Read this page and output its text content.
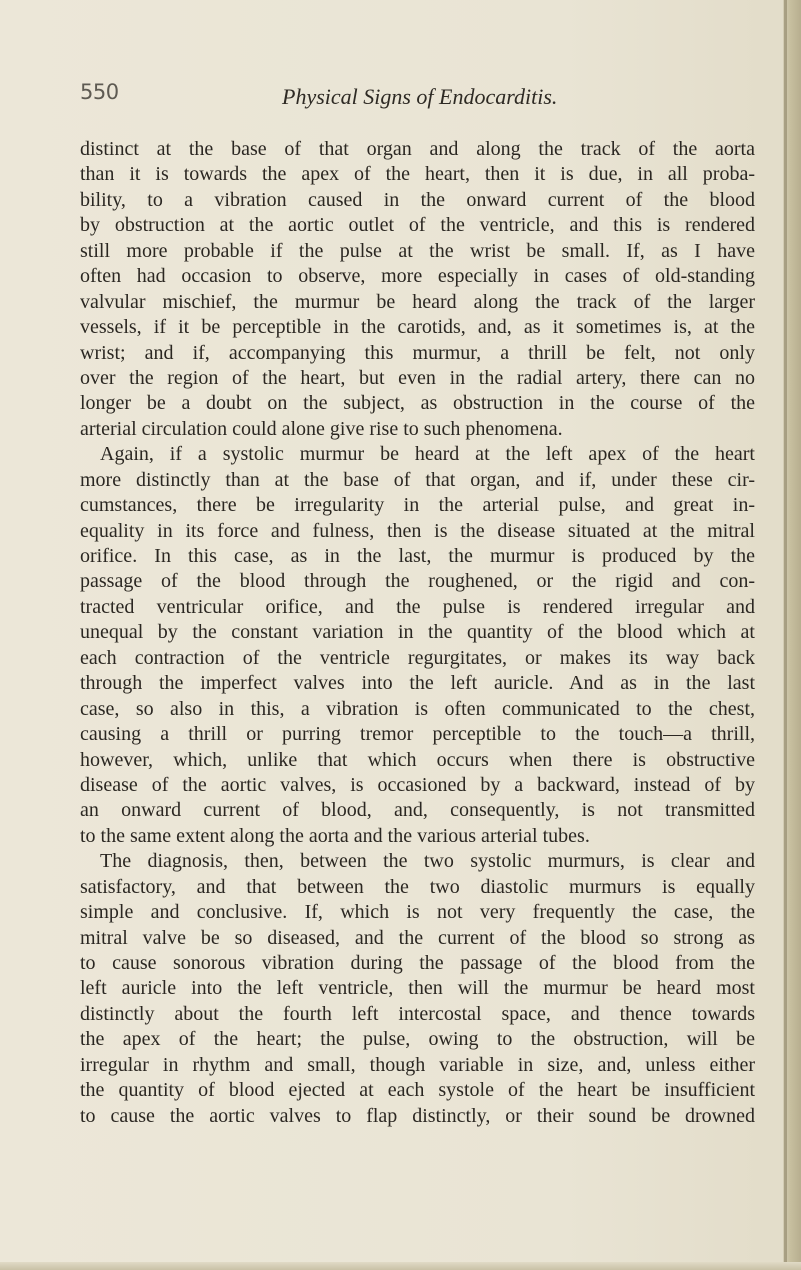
550	Physical Signs of Endocarditis.
distinct at the base of that organ and along the track of the aorta
than it is towards the apex of the heart, then it is due, in all proba-
bility, to a vibration caused in the onward current of the blood
by obstruction at the aortic outlet of the ventricle, and this is rendered
still more probable if the pulse at the wrist be small. If, as I have
often had occasion to observe, more especially in cases of old-standing
valvular mischief, the murmur be heard along the track of the larger
vessels, if it be perceptible in the carotids, and, as it sometimes is, at the
wrist; and if, accompanying this murmur, a thrill be felt, not only
over the region of the heart, but even in the radial artery, there can no
longer be a doubt on the subject, as obstruction in the course of the
arterial circulation could alone give rise to such phenomena.
Again, if a systolic murmur be heard at the left apex of the heart
more distinctly than at the base of that organ, and if, under these cir-
cumstances, there be irregularity in the arterial pulse, and great in-
equality in its force and fulness, then is the disease situated at the mitral
orifice. In this case, as in the last, the murmur is produced by the
passage of the blood through the roughened, or the rigid and con-
tracted ventricular orifice, and the pulse is rendered irregular and
unequal by the constant variation in the quantity of the blood which at
each contraction of the ventricle regurgitates, or makes its way back
through the imperfect valves into the left auricle. And as in the last
case, so also in this, a vibration is often communicated to the chest,
causing a thrill or purring tremor perceptible to the touch—a thrill,
however, which, unlike that which occurs when there is obstructive
disease of the aortic valves, is occasioned by a backward, instead of by
an onward current of blood, and, consequently, is not transmitted
to the same extent along the aorta and the various arterial tubes.
The diagnosis, then, between the two systolic murmurs, is clear and
satisfactory, and that between the two diastolic murmurs is equally
simple and conclusive. If, which is not very frequently the case, the
mitral valve be so diseased, and the current of the blood so strong as
to cause sonorous vibration during the passage of the blood from the
left auricle into the left ventricle, then will the murmur be heard most
distinctly about the fourth left intercostal space, and thence towards
the apex of the heart; the pulse, owing to the obstruction, will be
irregular in rhythm and small, though variable in size, and, unless either
the quantity of blood ejected at each systole of the heart be insufficient
to cause the aortic valves to flap distinctly, or their sound be drowned
